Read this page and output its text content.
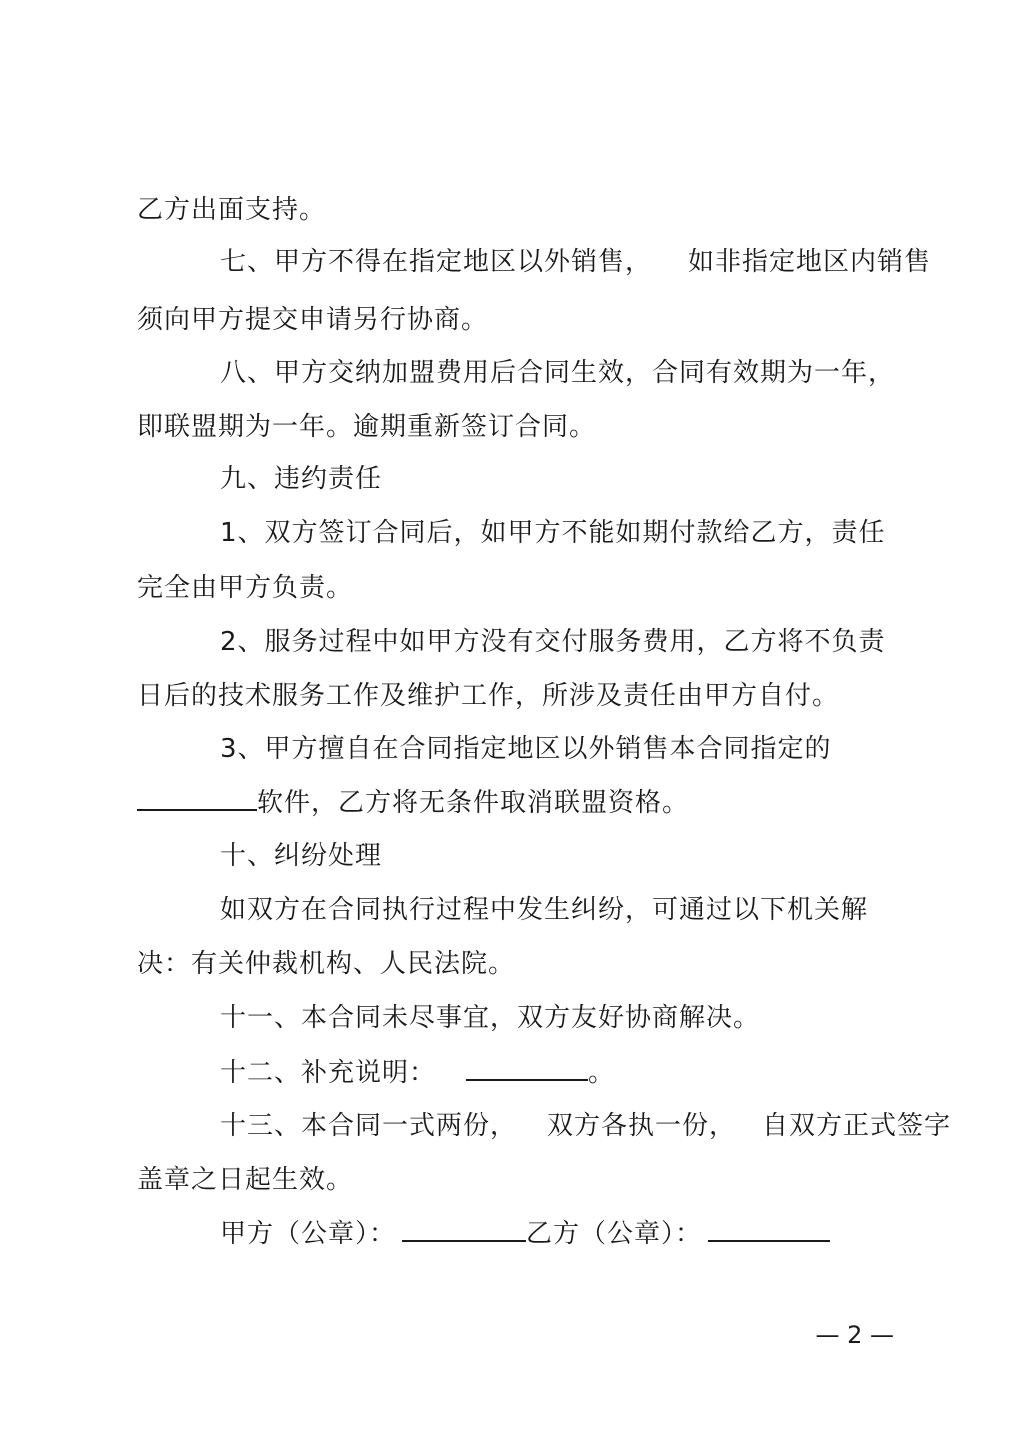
乙方出面支持。
七、甲方不得在指定地区以外销售， 如非指定地区内销售
须向甲方提交申请另行协商。
八、甲方交纳加盟费用后合同生效，合同有效期为一年，
即联盟期为一年。逾期重新签订合同。
九、违约责任
1、双方签订合同后，如甲方不能如期付款给乙方，责任
完全由甲方负责。
2、服务过程中如甲方没有交付服务费用，乙方将不负责
日后的技术服务工作及维护工作，所涉及责任由甲方自付。
3、甲方擅自在合同指定地区以外销售本合同指定的
软件，乙方将无条件取消联盟资格。
十、纠纷处理
如双方在合同执行过程中发生纠纷，可通过以下机关解
决：有关仲裁机构、人民法院。
十一、本合同未尽事宜，双方友好协商解决。
十二、补充说明：	。
十三、本合同一式两份， 双方各执一份， 自双方正式签字
盖章之日起生效。
甲方（公章）：	乙方（公章）：
— 2 —
